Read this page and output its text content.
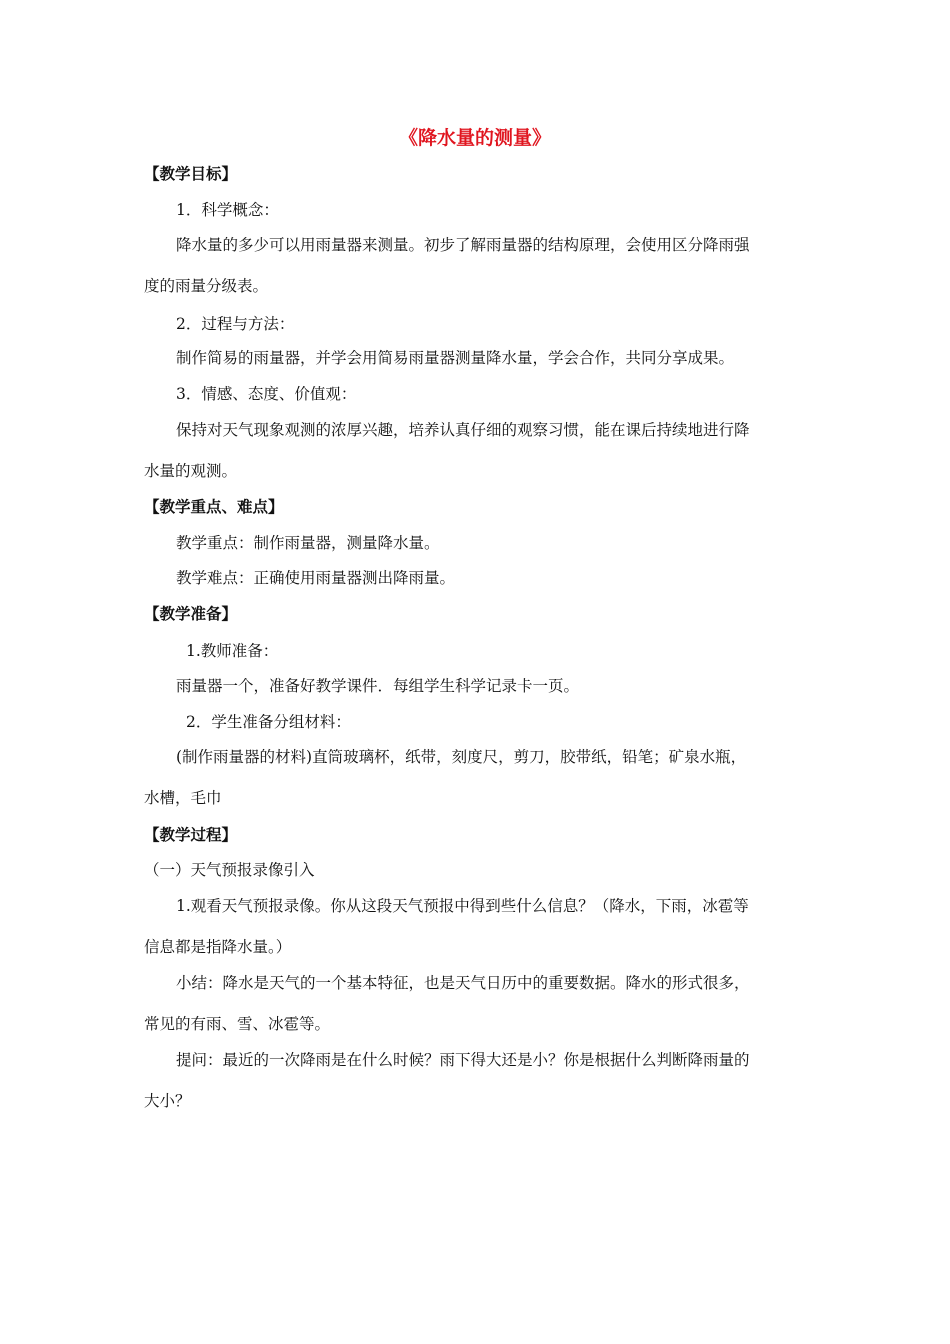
《降水量的测量》
【教学目标】
1．科学概念：
降水量的多少可以用雨量器来测量。初步了解雨量器的结构原理，会使用区分降雨强
度的雨量分级表。
2．过程与方法：
制作简易的雨量器，并学会用简易雨量器测量降水量，学会合作，共同分享成果。
3．情感、态度、价值观：
保持对天气现象观测的浓厚兴趣，培养认真仔细的观察习惯，能在课后持续地进行降
水量的观测。
【教学重点、难点】
教学重点：制作雨量器，测量降水量。
教学难点：正确使用雨量器测出降雨量。
【教学准备】
1.教师准备：
雨量器一个，准备好教学课件．每组学生科学记录卡一页。
2．学生准备分组材料：
(制作雨量器的材料)直筒玻璃杯，纸带，刻度尺，剪刀，胶带纸，铅笔；矿泉水瓶，
水槽，毛巾
【教学过程】
（一）天气预报录像引入
1.观看天气预报录像。你从这段天气预报中得到些什么信息？（降水，下雨，冰雹等
信息都是指降水量。）
小结：降水是天气的一个基本特征，也是天气日历中的重要数据。降水的形式很多，
常见的有雨、雪、冰雹等。
提问：最近的一次降雨是在什么时候？雨下得大还是小？你是根据什么判断降雨量的
大小？
